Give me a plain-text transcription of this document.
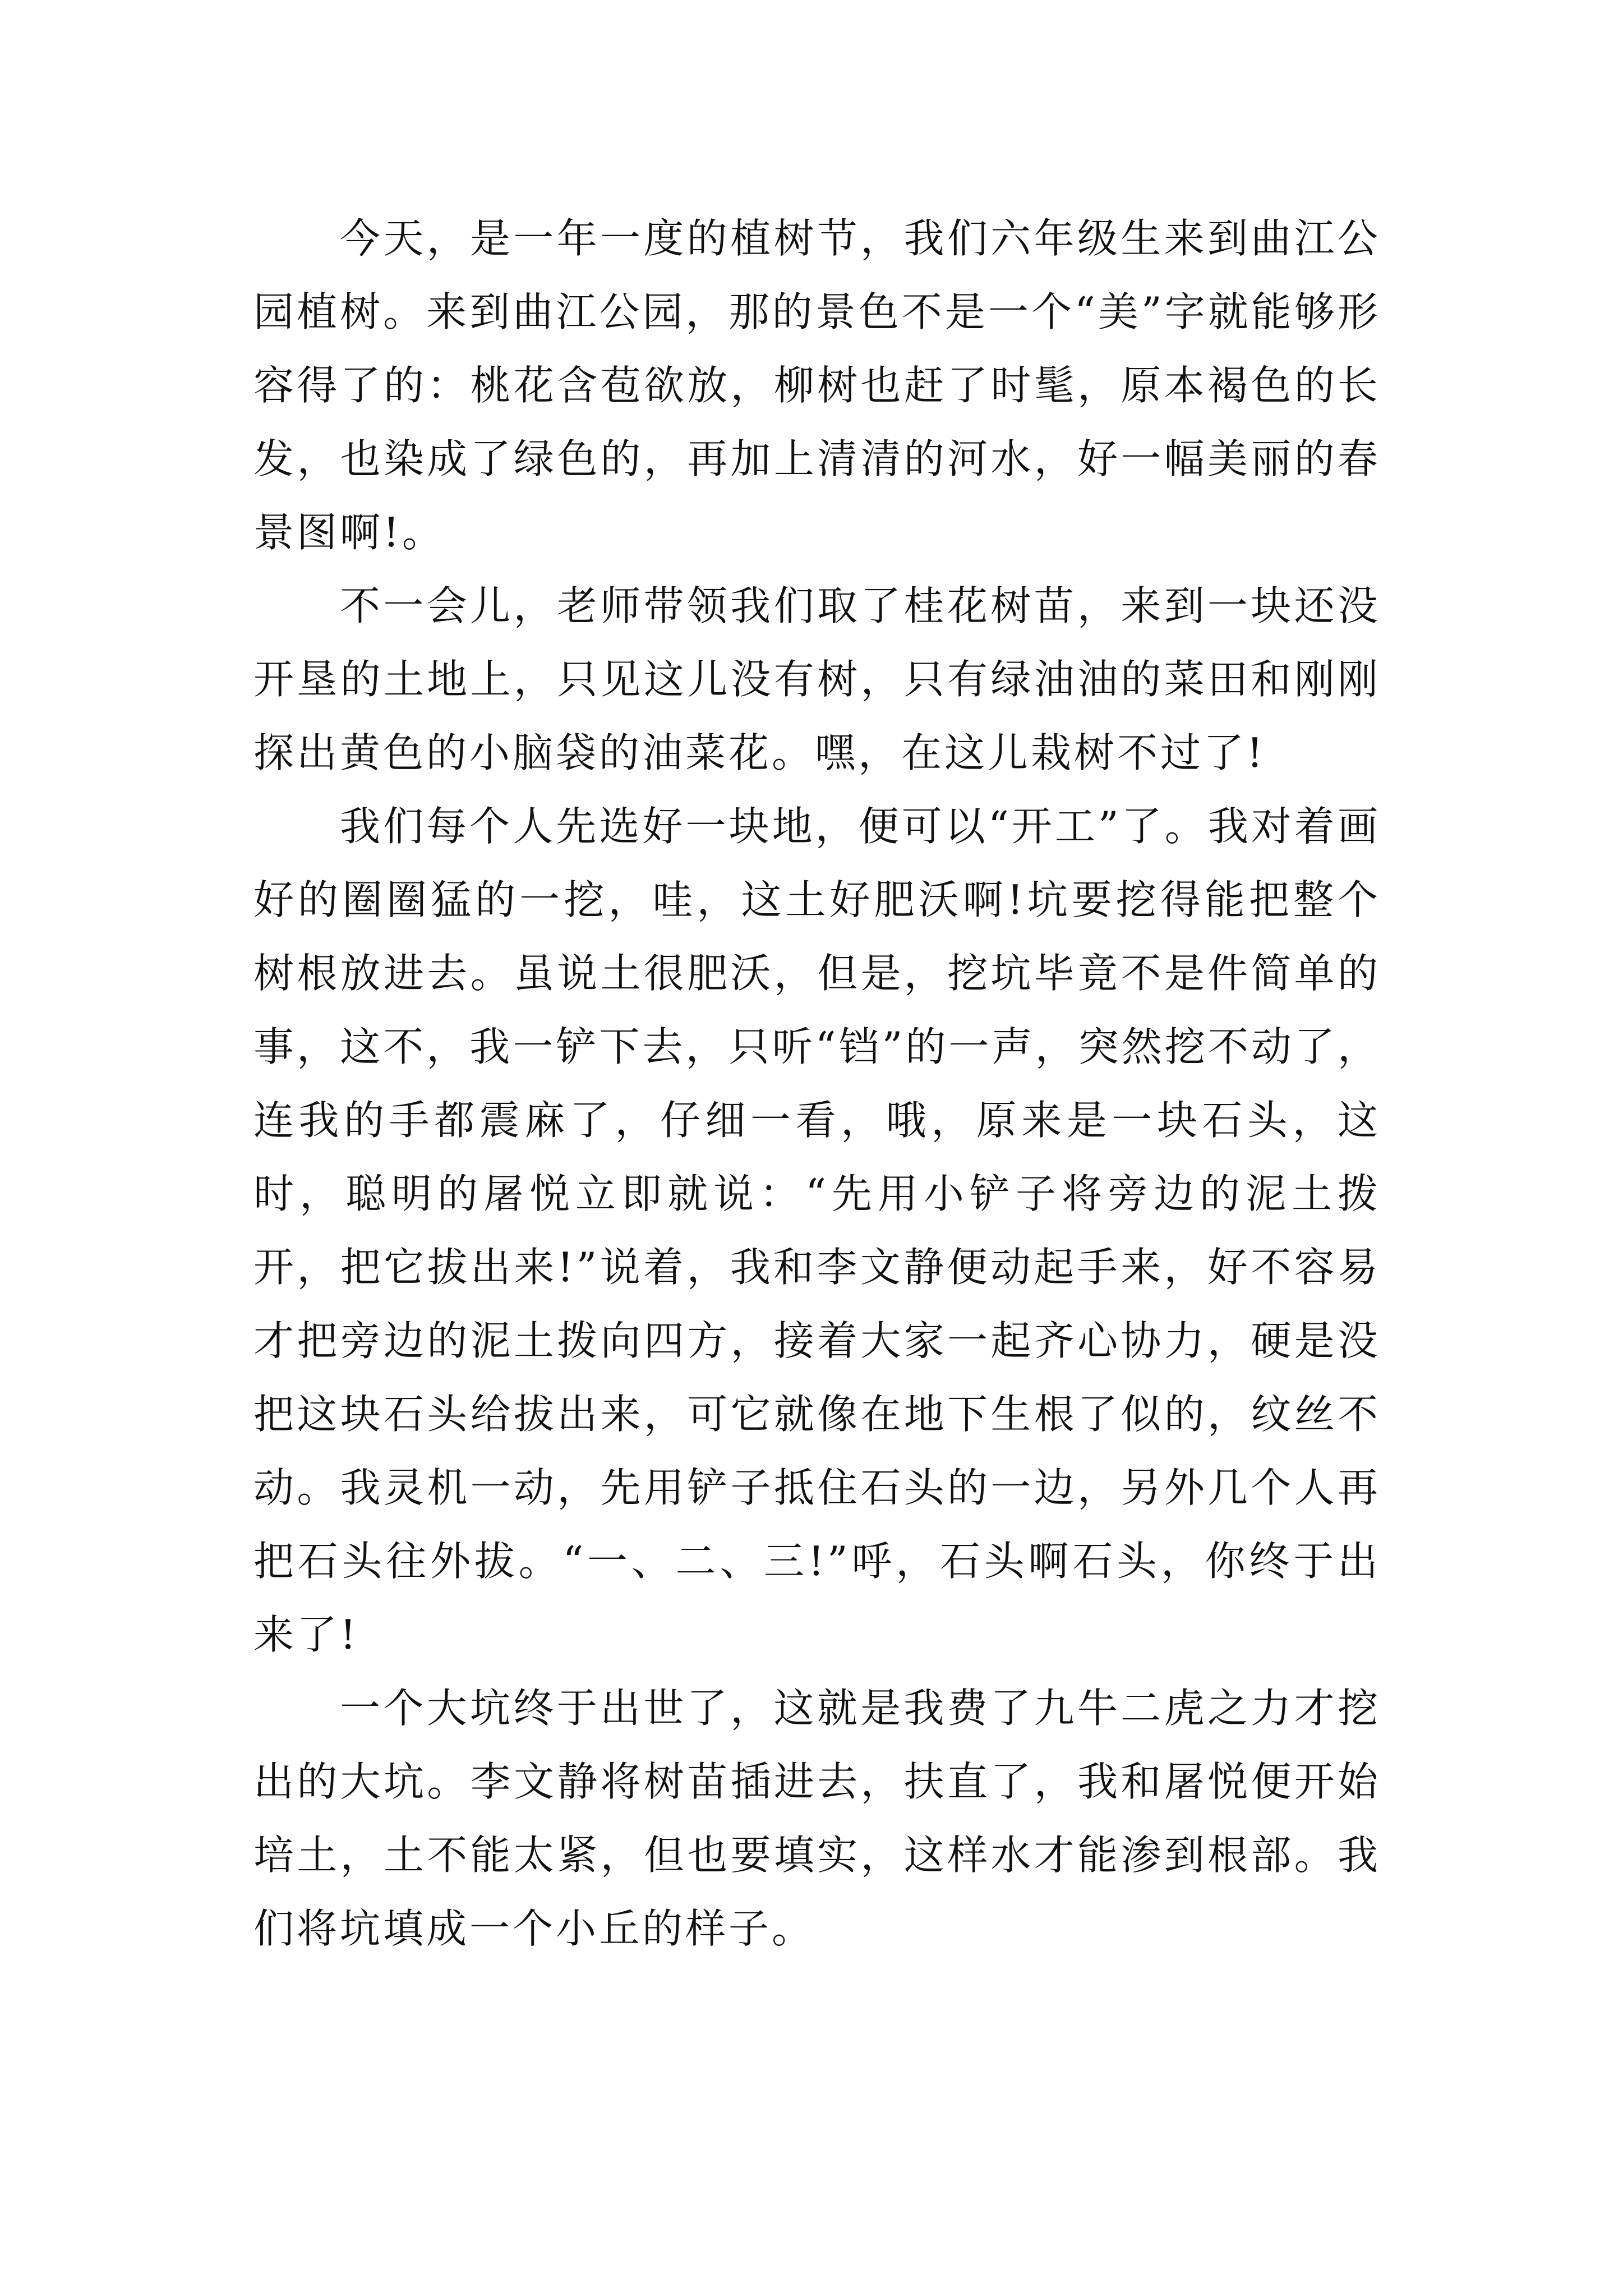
今天，是一年一度的植树节，我们六年级生来到曲江公园植树。来到曲江公园，那的景色不是一个“美”字就能够形容得了的：桃花含苞欲放，柳树也赶了时髦，原本褐色的长发，也染成了绿色的，再加上清清的河水，好一幅美丽的春景图啊!。

不一会儿，老师带领我们取了桂花树苗，来到一块还没开垦的土地上，只见这儿没有树，只有绿油油的菜田和刚刚探出黄色的小脑袋的油菜花。嘿，在这儿栽树不过了!

我们每个人先选好一块地，便可以“开工”了。我对着画好的圈圈猛的一挖，哇，这土好肥沃啊!坑要挖得能把整个树根放进去。虽说土很肥沃，但是，挖坑毕竟不是件简单的事，这不，我一铲下去，只听“铛”的一声，突然挖不动了，连我的手都震麻了，仔细一看，哦，原来是一块石头，这时，聪明的屠悦立即就说：“先用小铲子将旁边的泥土拨开，把它拔出来!”说着，我和李文静便动起手来，好不容易才把旁边的泥土拨向四方，接着大家一起齐心协力，硬是没把这块石头给拔出来，可它就像在地下生根了似的，纹丝不动。我灵机一动，先用铲子抵住石头的一边，另外几个人再把石头往外拔。“一、二、三!”呼，石头啊石头，你终于出来了!

一个大坑终于出世了，这就是我费了九牛二虎之力才挖出的大坑。李文静将树苗插进去，扶直了，我和屠悦便开始培土，土不能太紧，但也要填实，这样水才能渗到根部。我们将坑填成一个小丘的样子。
